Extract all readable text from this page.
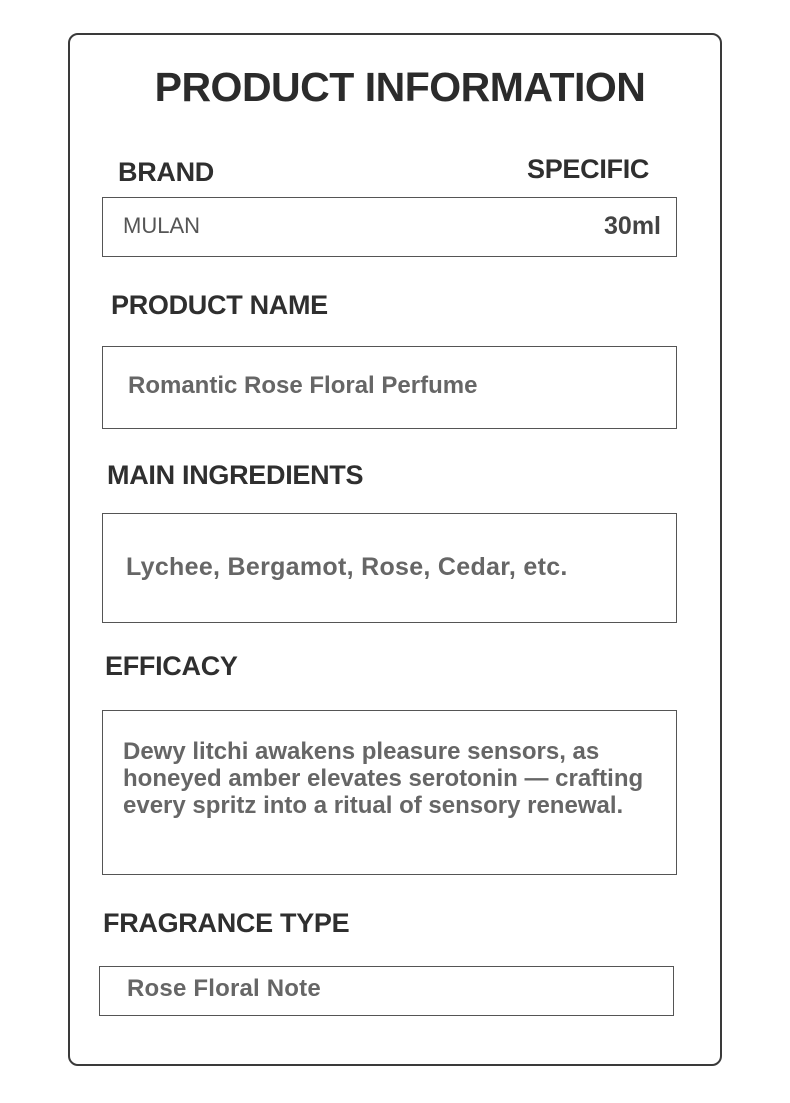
PRODUCT INFORMATION
BRAND	SPECIFIC
MULAN	30ml
PRODUCT NAME
Romantic Rose Floral Perfume
MAIN INGREDIENTS
Lychee, Bergamot, Rose, Cedar, etc.
EFFICACY
Dewy litchi awakens pleasure sensors, as honeyed amber elevates serotonin — crafting every spritz into a ritual of sensory renewal.
FRAGRANCE TYPE
Rose Floral Note
